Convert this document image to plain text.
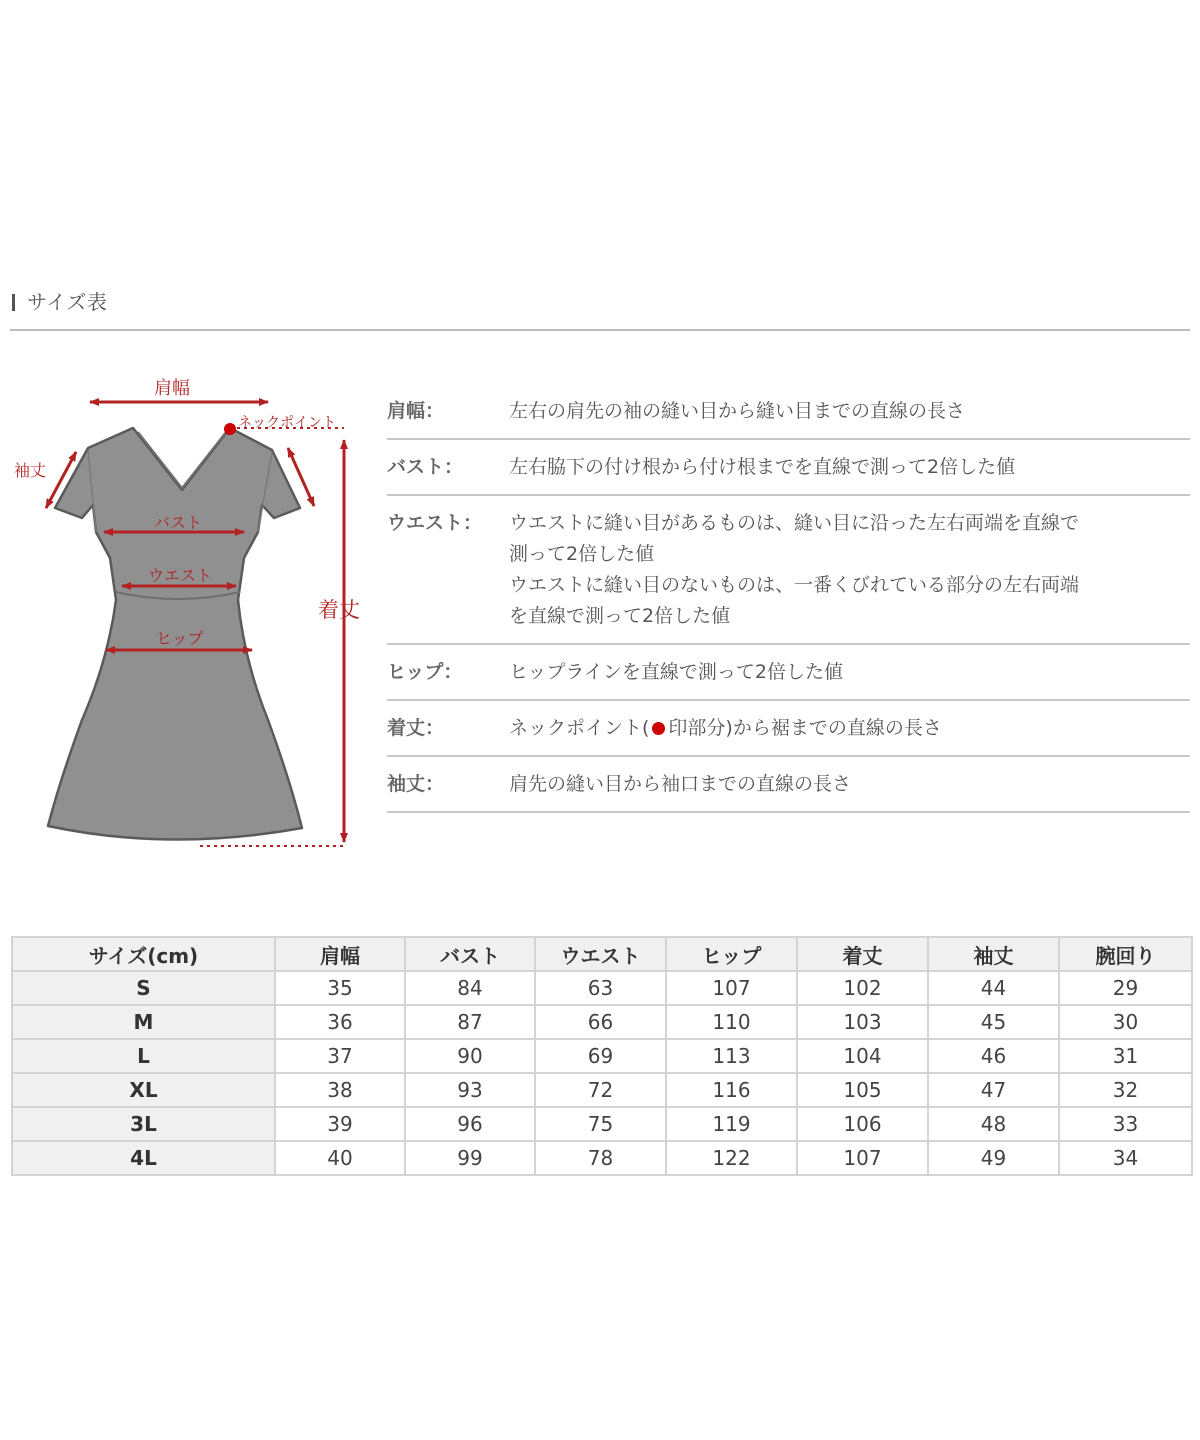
サイズ表
肩幅
ネックポイント
袖丈
バスト
ウエスト
ヒップ
着丈
肩幅：	左右の肩先の袖の縫い目から縫い目までの直線の長さ
バスト：	左右脇下の付け根から付け根までを直線で測って2倍した値
ウエスト：	ウエストに縫い目があるものは、縫い目に沿った左右両端を直線で
測って2倍した値
ウエストに縫い目のないものは、一番くびれている部分の左右両端
を直線で測って2倍した値
ヒップ：	ヒップラインを直線で測って2倍した値
着丈：	ネックポイント( 印部分)から裾までの直線の長さ
袖丈：	肩先の縫い目から袖口までの直線の長さ
サイズ(cm)	肩幅	バスト	ウエスト	ヒップ	着丈	袖丈	腕回り
S	35	84	63	107	102	44	29
M	36	87	66	110	103	45	30
L	37	90	69	113	104	46	31
XL	38	93	72	116	105	47	32
3L	39	96	75	119	106	48	33
4L	40	99	78	122	107	49	34
